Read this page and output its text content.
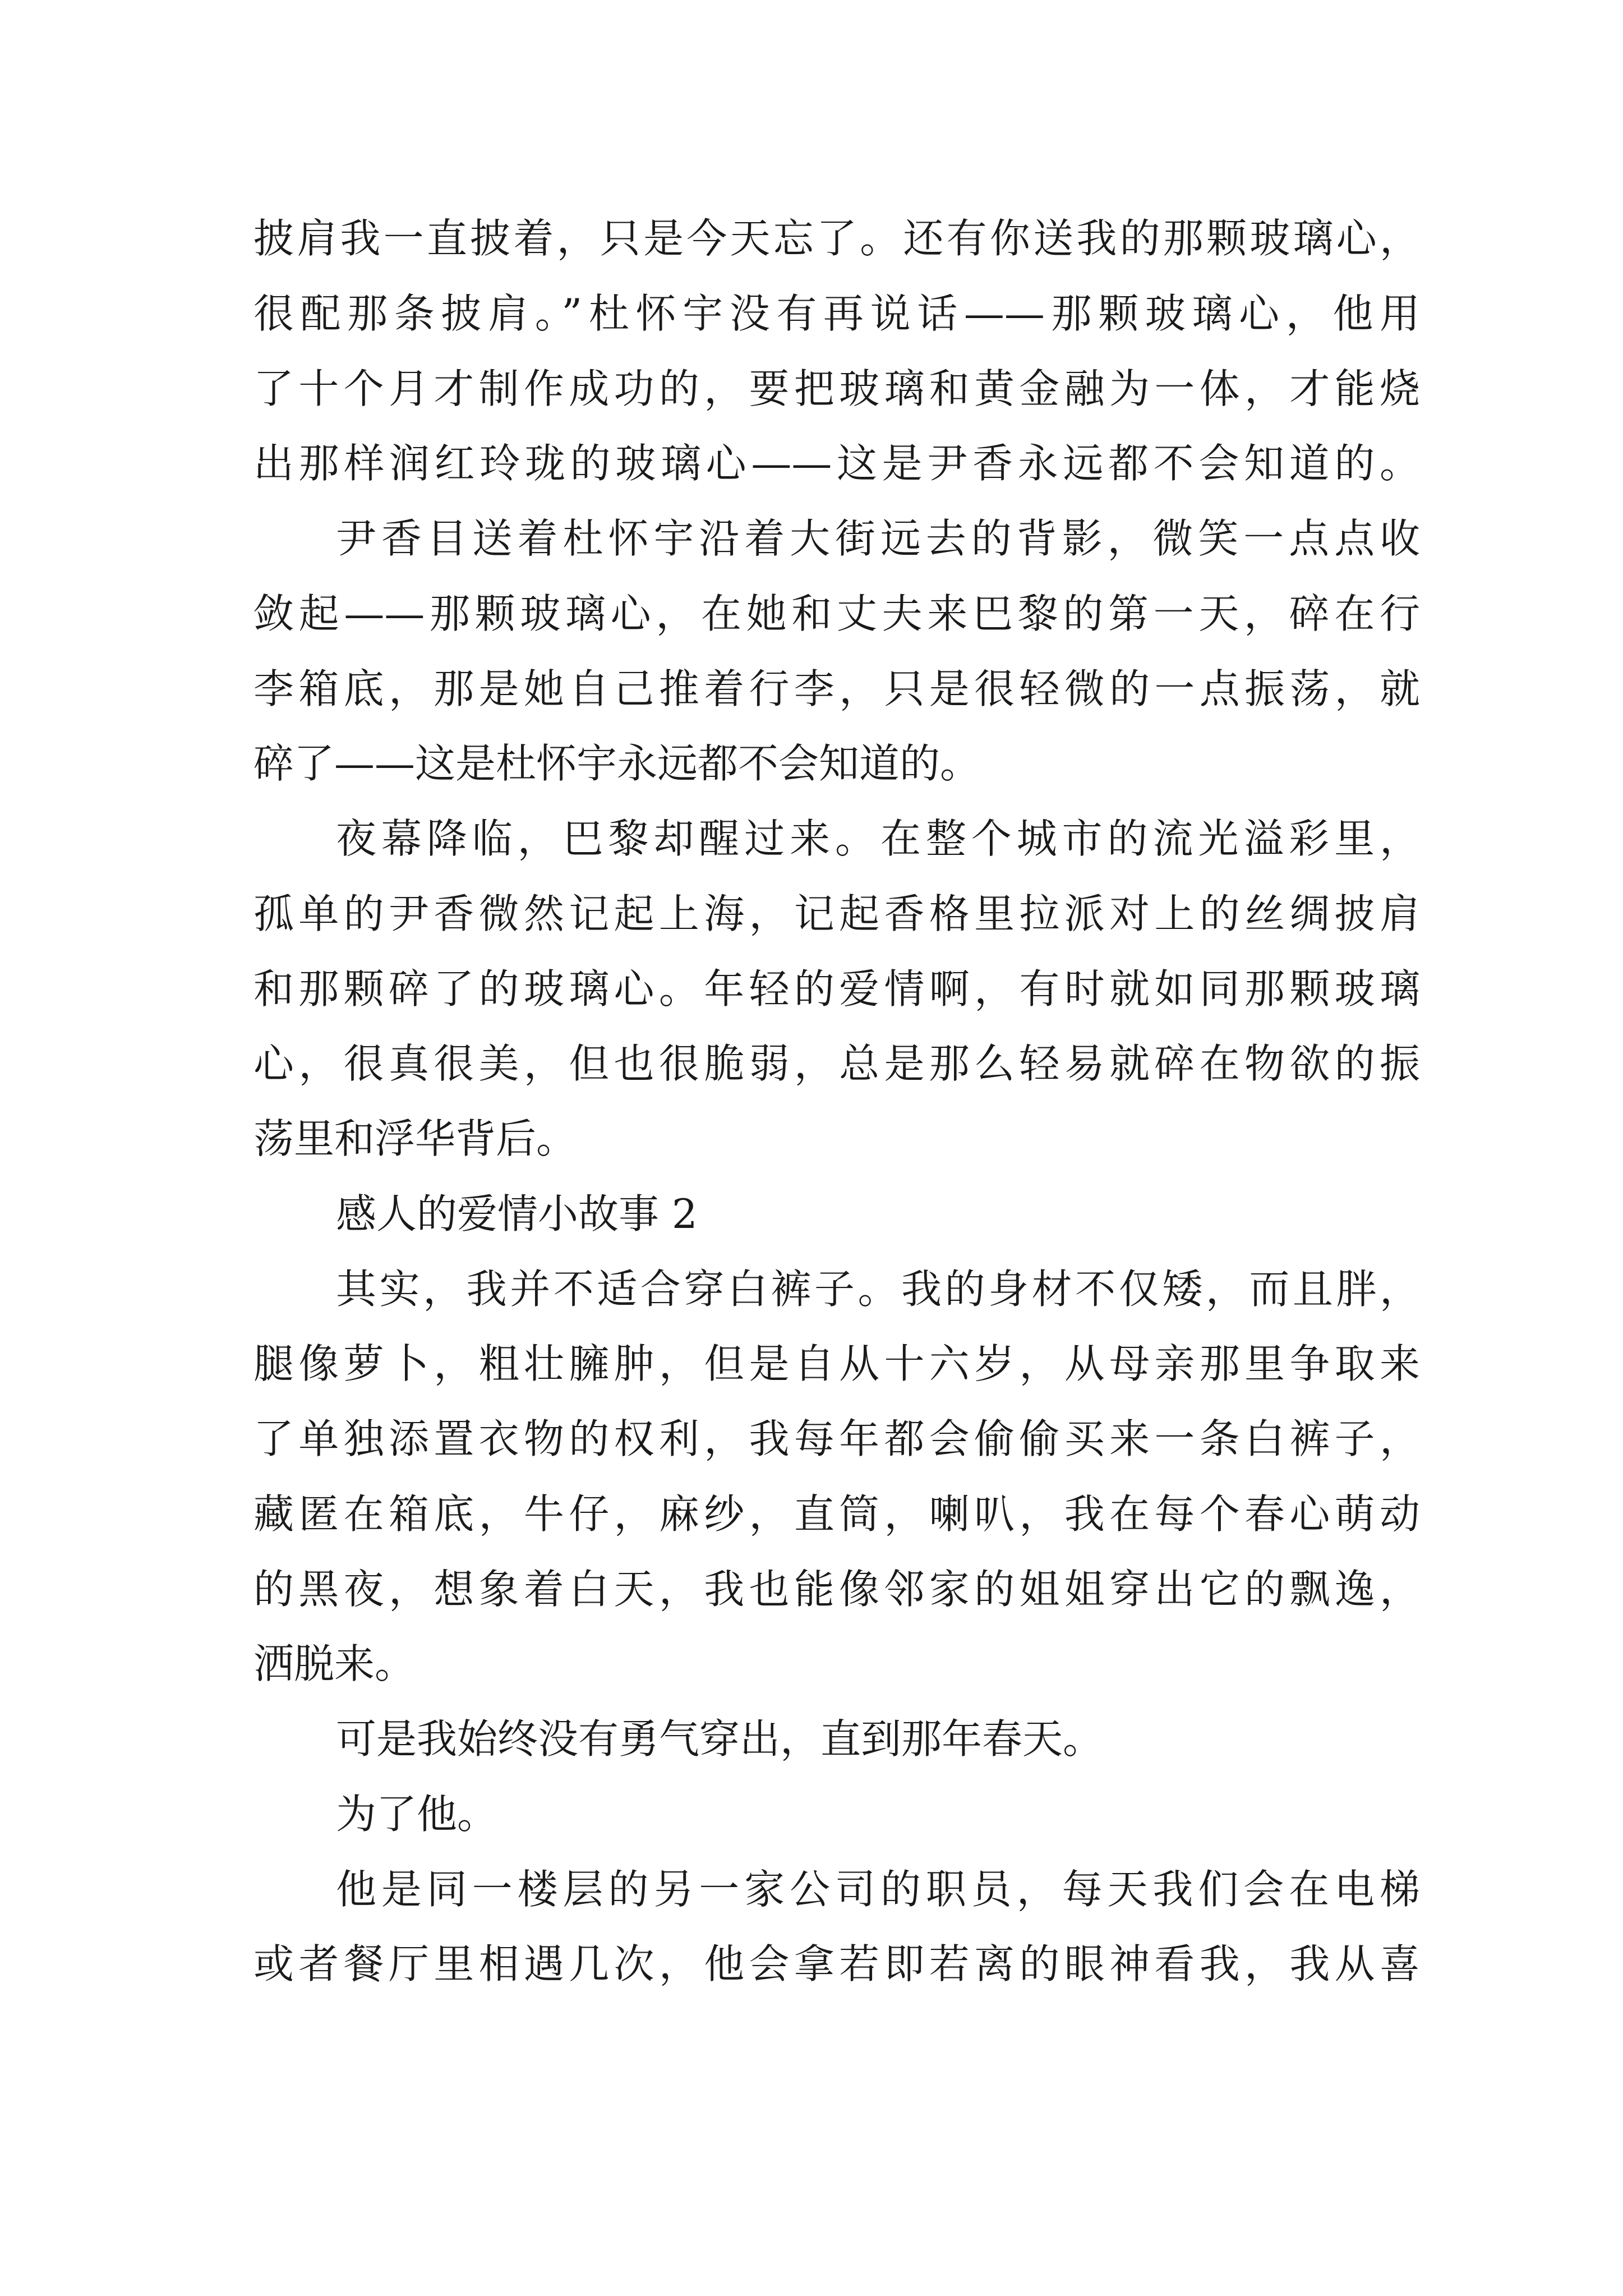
披肩我一直披着，只是今天忘了。还有你送我的那颗玻璃心，
很配那条披肩。”杜怀宇没有再说话——那颗玻璃心，他用
了十个月才制作成功的，要把玻璃和黄金融为一体，才能烧
出那样润红玲珑的玻璃心——这是尹香永远都不会知道的。
尹香目送着杜怀宇沿着大街远去的背影，微笑一点点收
敛起——那颗玻璃心，在她和丈夫来巴黎的第一天，碎在行
李箱底，那是她自己推着行李，只是很轻微的一点振荡，就
碎了——这是杜怀宇永远都不会知道的。
夜幕降临，巴黎却醒过来。在整个城市的流光溢彩里，
孤单的尹香微然记起上海，记起香格里拉派对上的丝绸披肩
和那颗碎了的玻璃心。年轻的爱情啊，有时就如同那颗玻璃
心，很真很美，但也很脆弱，总是那么轻易就碎在物欲的振
荡里和浮华背后。
感人的爱情小故事 2
其实，我并不适合穿白裤子。我的身材不仅矮，而且胖，
腿像萝卜，粗壮臃肿，但是自从十六岁，从母亲那里争取来
了单独添置衣物的权利，我每年都会偷偷买来一条白裤子，
藏匿在箱底，牛仔，麻纱，直筒，喇叭，我在每个春心萌动
的黑夜，想象着白天，我也能像邻家的姐姐穿出它的飘逸，
洒脱来。
可是我始终没有勇气穿出，直到那年春天。
为了他。
他是同一楼层的另一家公司的职员，每天我们会在电梯
或者餐厅里相遇几次，他会拿若即若离的眼神看我，我从喜
